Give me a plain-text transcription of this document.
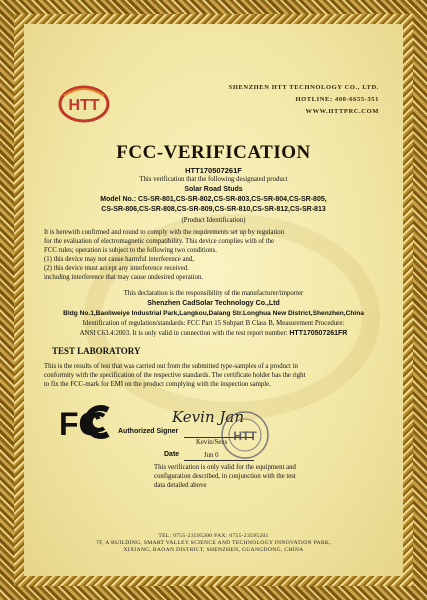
HTT
SHENZHEN HTT TECHNOLOGY CO., LTD.
HOTLINE: 400-6655-351
WWW.HTTPRC.COM
FCC-VERIFICATION
HTT170507261F
This verification that the following designated product
Solar Road Studs
Model No.: CS-SR-801,CS-SR-802,CS-SR-803,CS-SR-804,CS-SR-805,
CS-SR-806,CS-SR-808,CS-SR-809,CS-SR-810,CS-SR-812,CS-SR-813
(Product Identification)
It is herewith confirmed and round to comply with the requirements set up by regulation
for the evaluation of electromagnetic compatibility. This device complies with of the
FCC rules; operation is subject to the following two conditions.
(1) this device may not cause harmful interference and,
(2) this device must accept any interference received.
including interference that may cause undesired operation.
This declaration is the responsibility of the manufacturer/importer
Shenzhen CadSolar Technology Co.,Ltd
Bldg No.1,Baoliweiye Industrial Park,Langkou,Dalang Str.Longhua New District,Shenzhen,China
Identification of regulation/standards: FCC Part 15 Subpart B Class B, Measurement Procedure:
ANSI C63.4:2003. It is only valid in connection with the test report number: HTT170507261FR
TEST LABORATORY
This is the results of test that was carried out from the submitted type-samples of a product in
conformity with the specification of the respective standards. The certificate holder has the right
to fix the FCC-mark for EMI on the product complying with the inspection sample.
FC Authorized Signer
Kevin Jan
Kevin/Sens
Date	Jun 0
HTT
This verification is only valid for the equipment and
configuration described, in conjunction with the test
data detailed above
TEL: 0755-23595200 FAX: 0755-23595201
7F, A BUILDING, SMART VALLEY SCIENCE AND TECHNOLOGY INNOVATION PARK,
XIXIANG, BAOAN DISTRICT, SHENZHEN, GUANGDONG, CHINA
